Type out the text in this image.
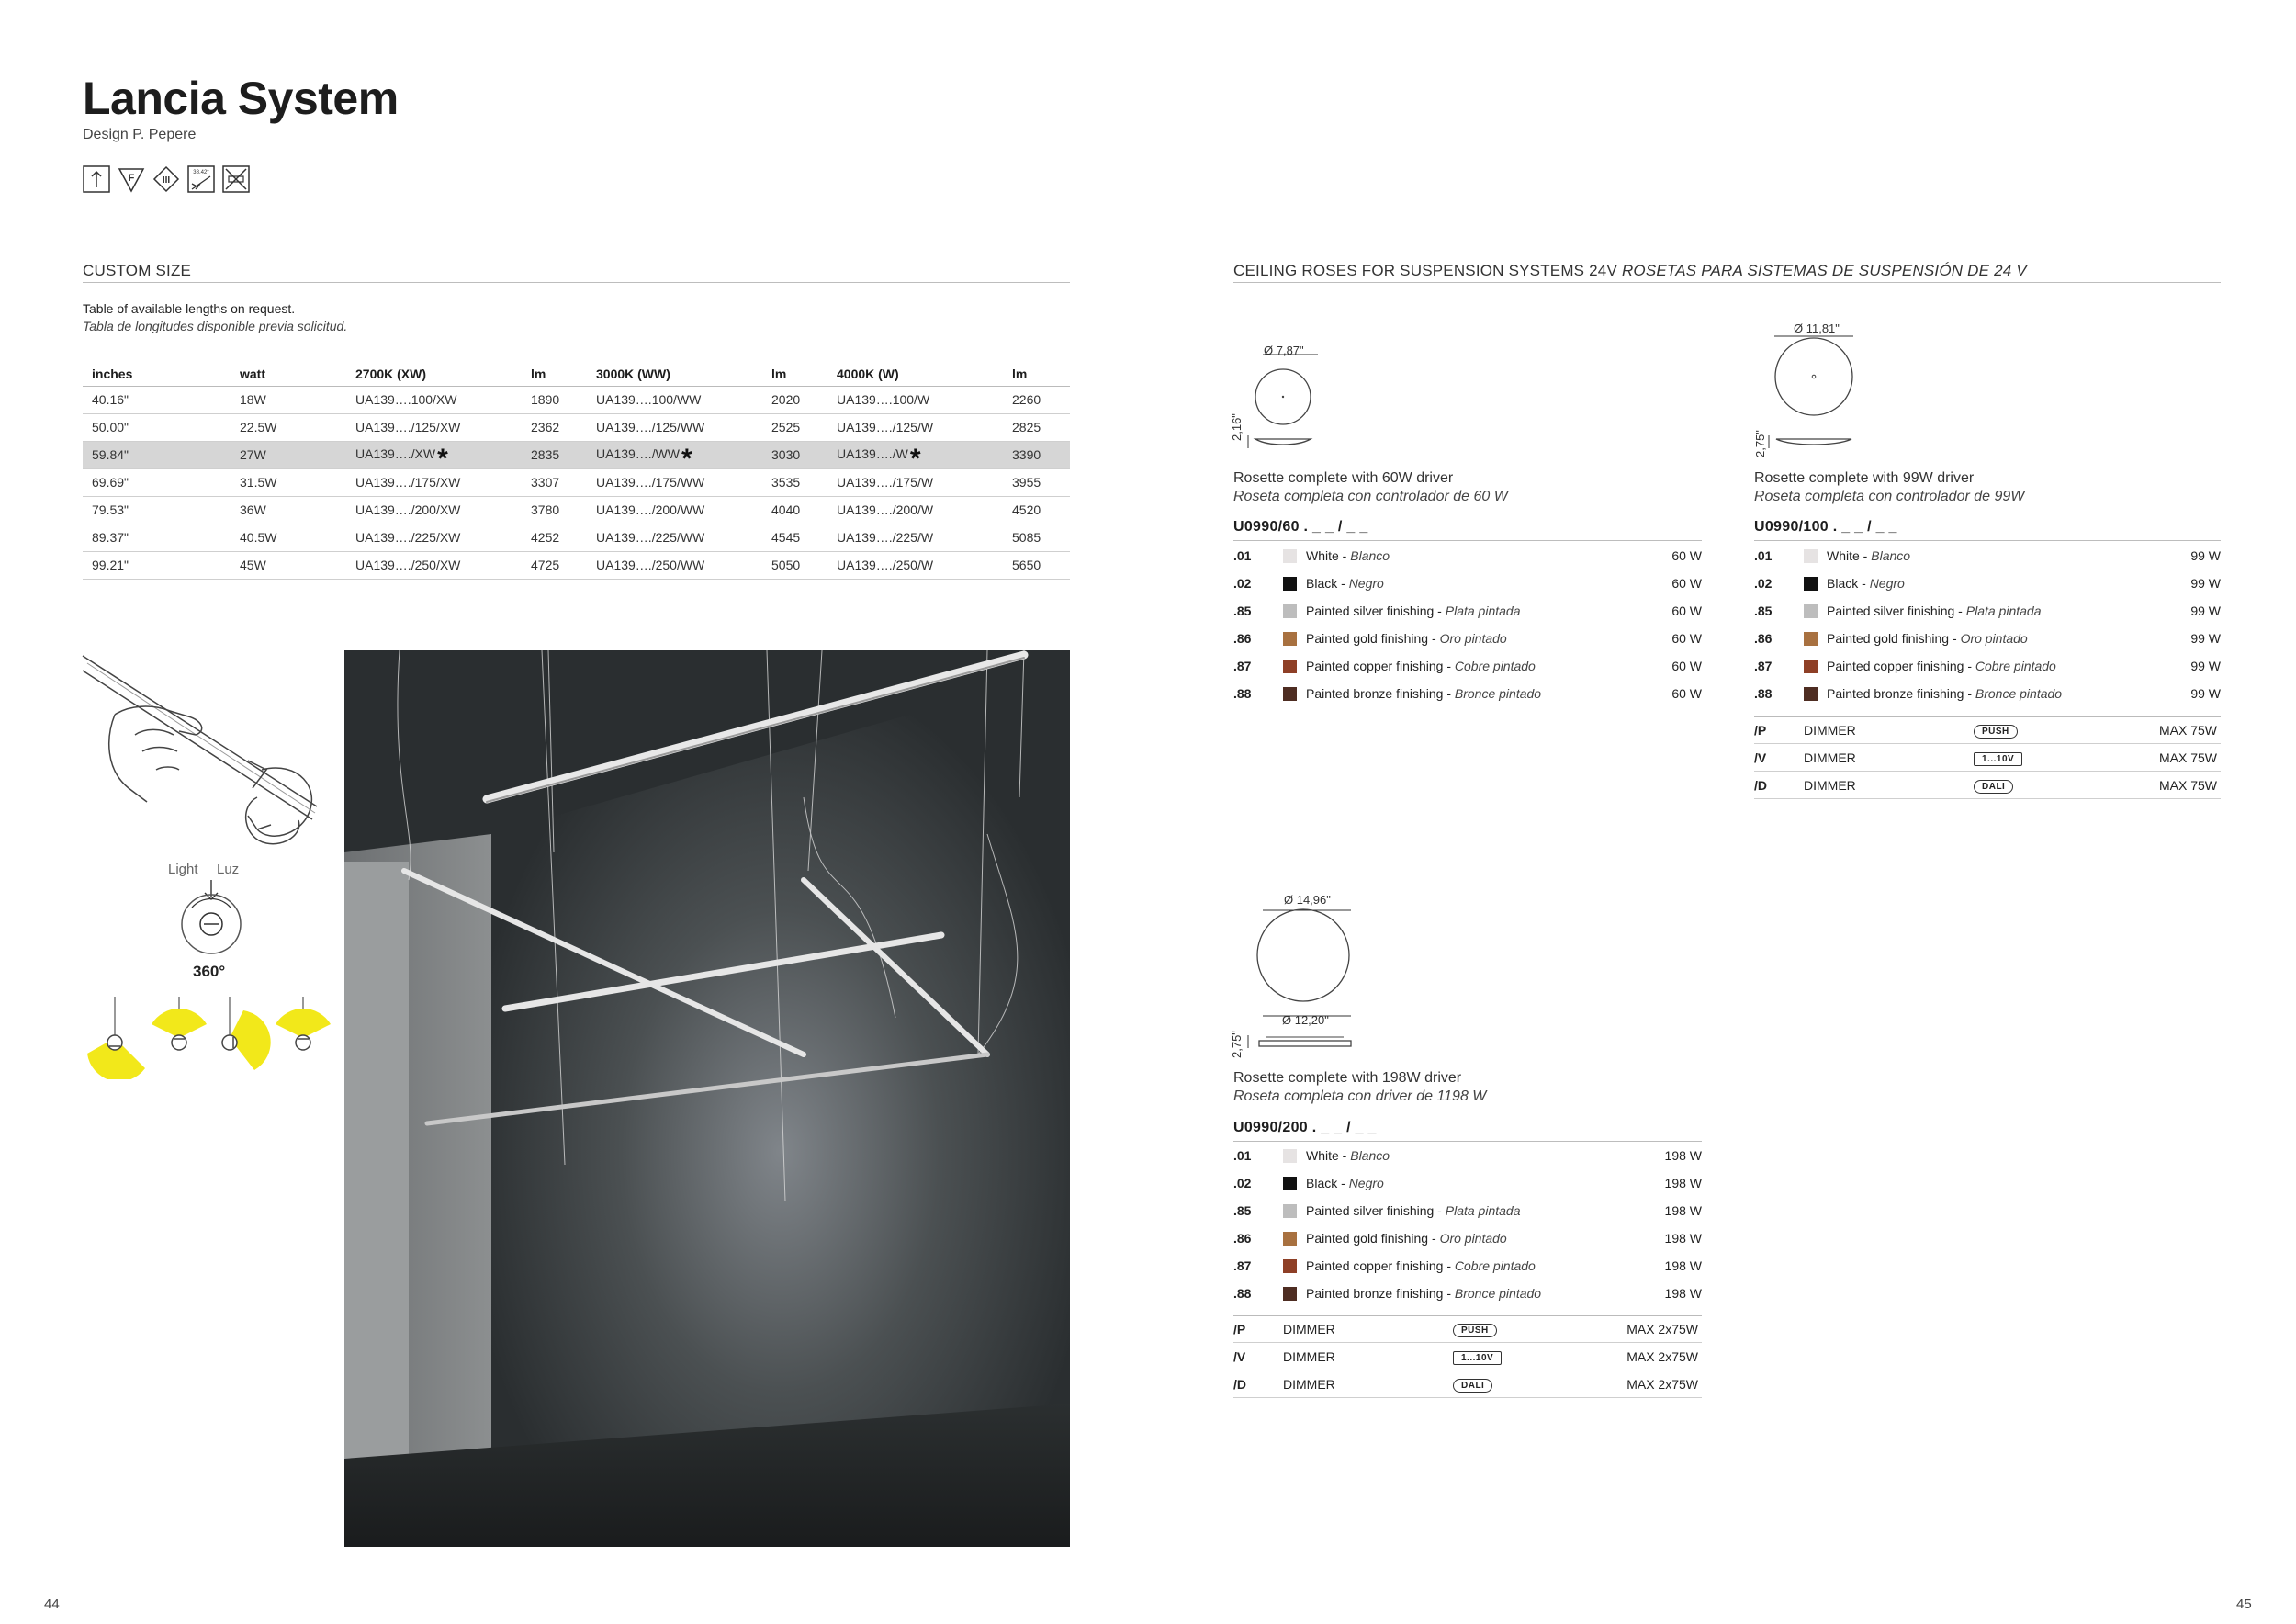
Lancia System
Design P. Pepere
F	III
38.42°
CUSTOM SIZE
Table of available lengths on request.
Tabla de longitudes disponible previa solicitud.
inches	watt	2700K (XW)	lm	3000K (WW)	lm	4000K (W)	lm
40.16"	18W	UA139….100/XW	1890	UA139….100/WW	2020	UA139….100/W	2260
50.00"	22.5W	UA139…./125/XW	2362	UA139…./125/WW	2525	UA139…./125/W	2825
59.84"	27W	UA139…./XW*	2835	UA139…./WW*	3030	UA139…./W*	3390
69.69"	31.5W	UA139…./175/XW	3307	UA139…./175/WW	3535	UA139…./175/W	3955
79.53"	36W	UA139…./200/XW	3780	UA139…./200/WW	4040	UA139…./200/W	4520
89.37"	40.5W	UA139…./225/XW	4252	UA139…./225/WW	4545	UA139…./225/W	5085
99.21"	45W	UA139…./250/XW	4725	UA139…./250/WW	5050	UA139…./250/W	5650
Light Luz
360°
CEILING ROSES FOR SUSPENSION SYSTEMS 24V ROSETAS PARA SISTEMAS DE SUSPENSIÓN DE 24 V
Ø 7,87"
2,16"
Rosette complete with 60W driver
Roseta completa con controlador de 60 W
U0990/60 . _ _ / _ _
.01	White - Blanco	60 W
.02	Black - Negro	60 W
.85	Painted silver finishing - Plata pintada	60 W
.86	Painted gold finishing - Oro pintado	60 W
.87	Painted copper finishing - Cobre pintado	60 W
.88	Painted bronze finishing - Bronce pintado	60 W
Ø 11,81"
2,75"
Rosette complete with 99W driver
Roseta completa con controlador de 99W
U0990/100 . _ _ / _ _
.01	White - Blanco	99 W
.02	Black - Negro	99 W
.85	Painted silver finishing - Plata pintada	99 W
.86	Painted gold finishing - Oro pintado	99 W
.87	Painted copper finishing - Cobre pintado	99 W
.88	Painted bronze finishing - Bronce pintado	99 W
/P	DIMMER	PUSH	MAX 75W
/V	DIMMER	1...10V	MAX 75W
/D	DIMMER	DALI	MAX 75W
Ø 14,96"
Ø 12,20"
2,75"
Rosette complete with 198W driver
Roseta completa con driver de 1198 W
U0990/200 . _ _ / _ _
.01	White - Blanco	198 W
.02	Black - Negro	198 W
.85	Painted silver finishing - Plata pintada	198 W
.86	Painted gold finishing - Oro pintado	198 W
.87	Painted copper finishing - Cobre pintado	198 W
.88	Painted bronze finishing - Bronce pintado	198 W
/P	DIMMER	PUSH	MAX 2x75W
/V	DIMMER	1...10V	MAX 2x75W
/D	DIMMER	DALI	MAX 2x75W
44	45
